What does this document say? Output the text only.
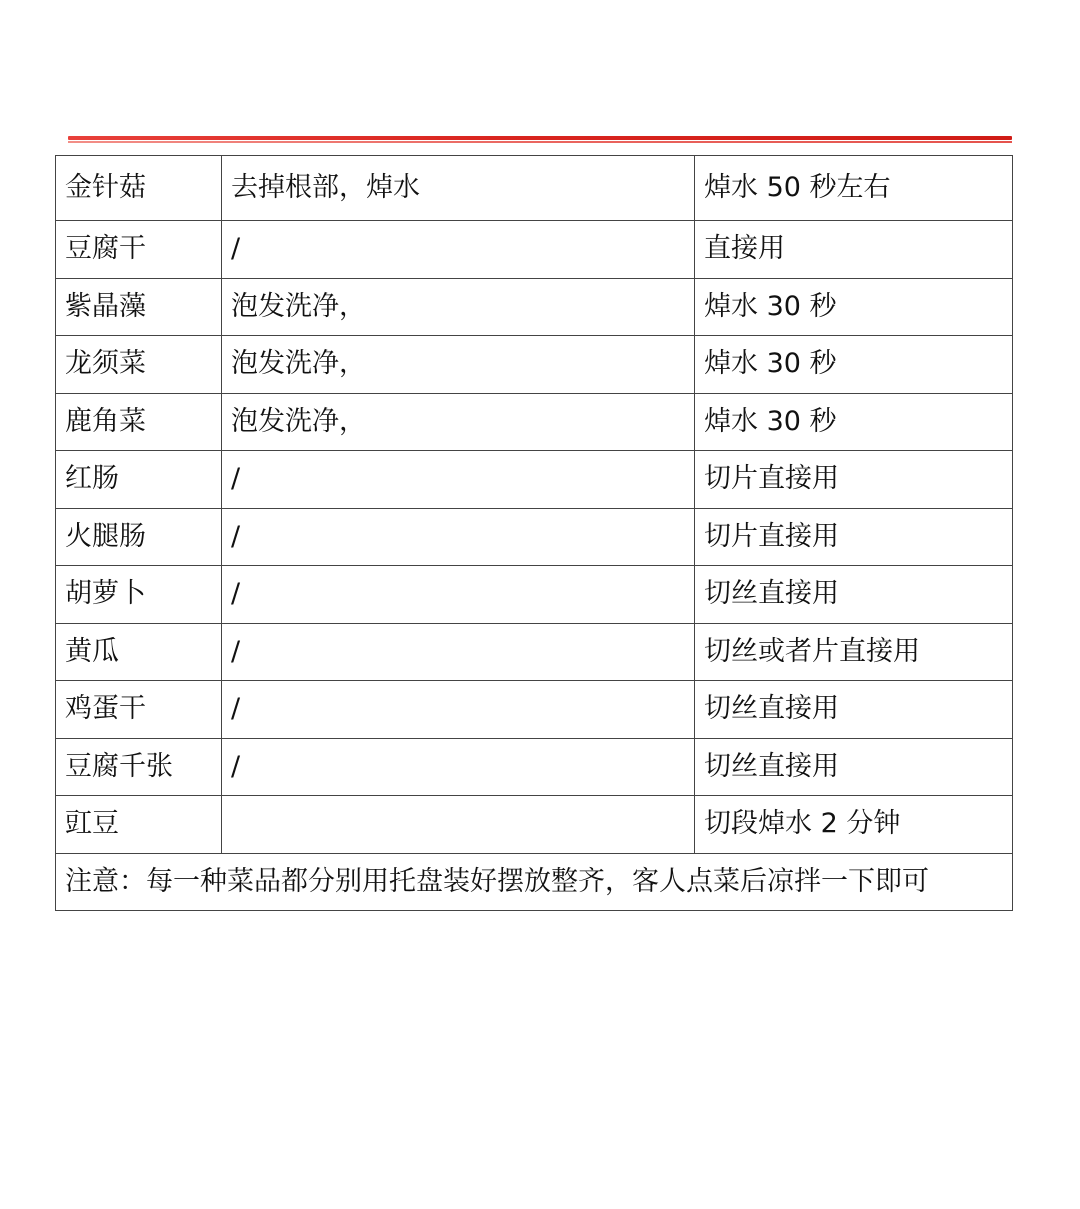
金针菇	去掉根部，焯水	焯水 50 秒左右
豆腐干	/	直接用
紫晶藻	泡发洗净，	焯水 30 秒
龙须菜	泡发洗净，	焯水 30 秒
鹿角菜	泡发洗净，	焯水 30 秒
红肠	/	切片直接用
火腿肠	/	切片直接用
胡萝卜	/	切丝直接用
黄瓜	/	切丝或者片直接用
鸡蛋干	/	切丝直接用
豆腐千张	/	切丝直接用
豇豆		切段焯水 2 分钟
注意：每一种菜品都分别用托盘装好摆放整齐，客人点菜后凉拌一下即可		
